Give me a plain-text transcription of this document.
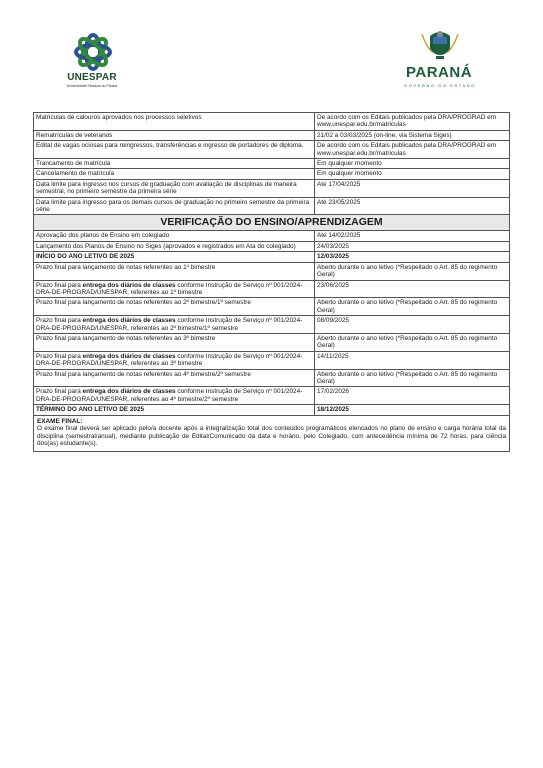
UNESPAR
Universidade Estadual do Paraná
PARANÁ
GOVERNO DO ESTADO
Matrículas de calouros aprovados nos processos seletivos	De acordo com os Editais publicados pela DRA/PROGRAD em www.unespar.edu.br/matriculas
Rematrículas de veteranos	21/02 a 03/03/2025 (on-line, via Sistema Siges)
Edital de vagas ociosas para reingressos, transferências e ingresso de portadores de diploma.	De acordo com os Editais publicados pela DRA/PROGRAD em www.unespar.edu.br/matriculas
Trancamento de matrícula	Em qualquer momento
Cancelamento de matrícula	Em qualquer momento
Data limite para ingresso nos cursos de graduação com avaliação de disciplinas de maneira semestral, no primeiro semestre da primeira série	Até 17/04/2025
Data limite para ingresso para os demais cursos de graduação no primeiro semestre da primeira série	Até 23/05/2025
VERIFICAÇÃO DO ENSINO/APRENDIZAGEM	
Aprovação dos planos de Ensino em colegiado	Até 14/02/2025
Lançamento dos Planos de Ensino no Siges (aprovados e registrados em Ata do colegiado)	24/03/2025
INÍCIO DO ANO LETIVO DE 2025	12/03/2025
Prazo final para lançamento de notas referentes ao 1º bimestre	Aberto durante o ano letivo (*Respeitado o Art. 85 do regimento Geral)
Prazo final para entrega dos diários de classes conforme Instrução de Serviço nº 001/2024-DRA-DE-PROGRAD/UNESPAR, referentes ao 1º bimestre	23/06/2025
Prazo final para lançamento de notas referentes ao 2º bimestre/1º semestre	Aberto durante o ano letivo (*Respeitado o Art. 85 do regimento Geral)
Prazo final para entrega dos diários de classes conforme Instrução de Serviço nº 001/2024-DRA-DE-PROGRAD/UNESPAR, referentes ao 2º bimestre/1º semestre	08/09/2025
Prazo final para lançamento de notas referentes ao 3º bimestre	Aberto durante o ano letivo (*Respeitado o Art. 85 do regimento Geral)
Prazo final para entrega dos diários de classes conforme Instrução de Serviço nº 001/2024-DRA-DE-PROGRAD/UNESPAR, referentes ao 3º bimestre	14/11/2025
Prazo final para lançamento de notas referentes ao 4º bimestre/2º semestre	Aberto durante o ano letivo (*Respeitado o Art. 85 do regimento Geral)
Prazo final para entrega dos diários de classes conforme Instrução de Serviço nº 001/2024-DRA-DE-PROGRAD/UNESPAR, referentes ao 4º bimestre/2º semestre	17/02/2026
TÉRMINO DO ANO LETIVO DE 2025	18/12/2025

EXAME FINAL:
O exame final deverá ser aplicado pelo/a docente após a integralização total dos conteúdos programáticos elencados no plano de ensino e carga horária total da disciplina (semestral/anual), mediante publicação de Edital/Comunicado da data e horário, pelo Colegiado, com antecedência mínima de 72 horas, para ciência dos(as) estudante(s).	
